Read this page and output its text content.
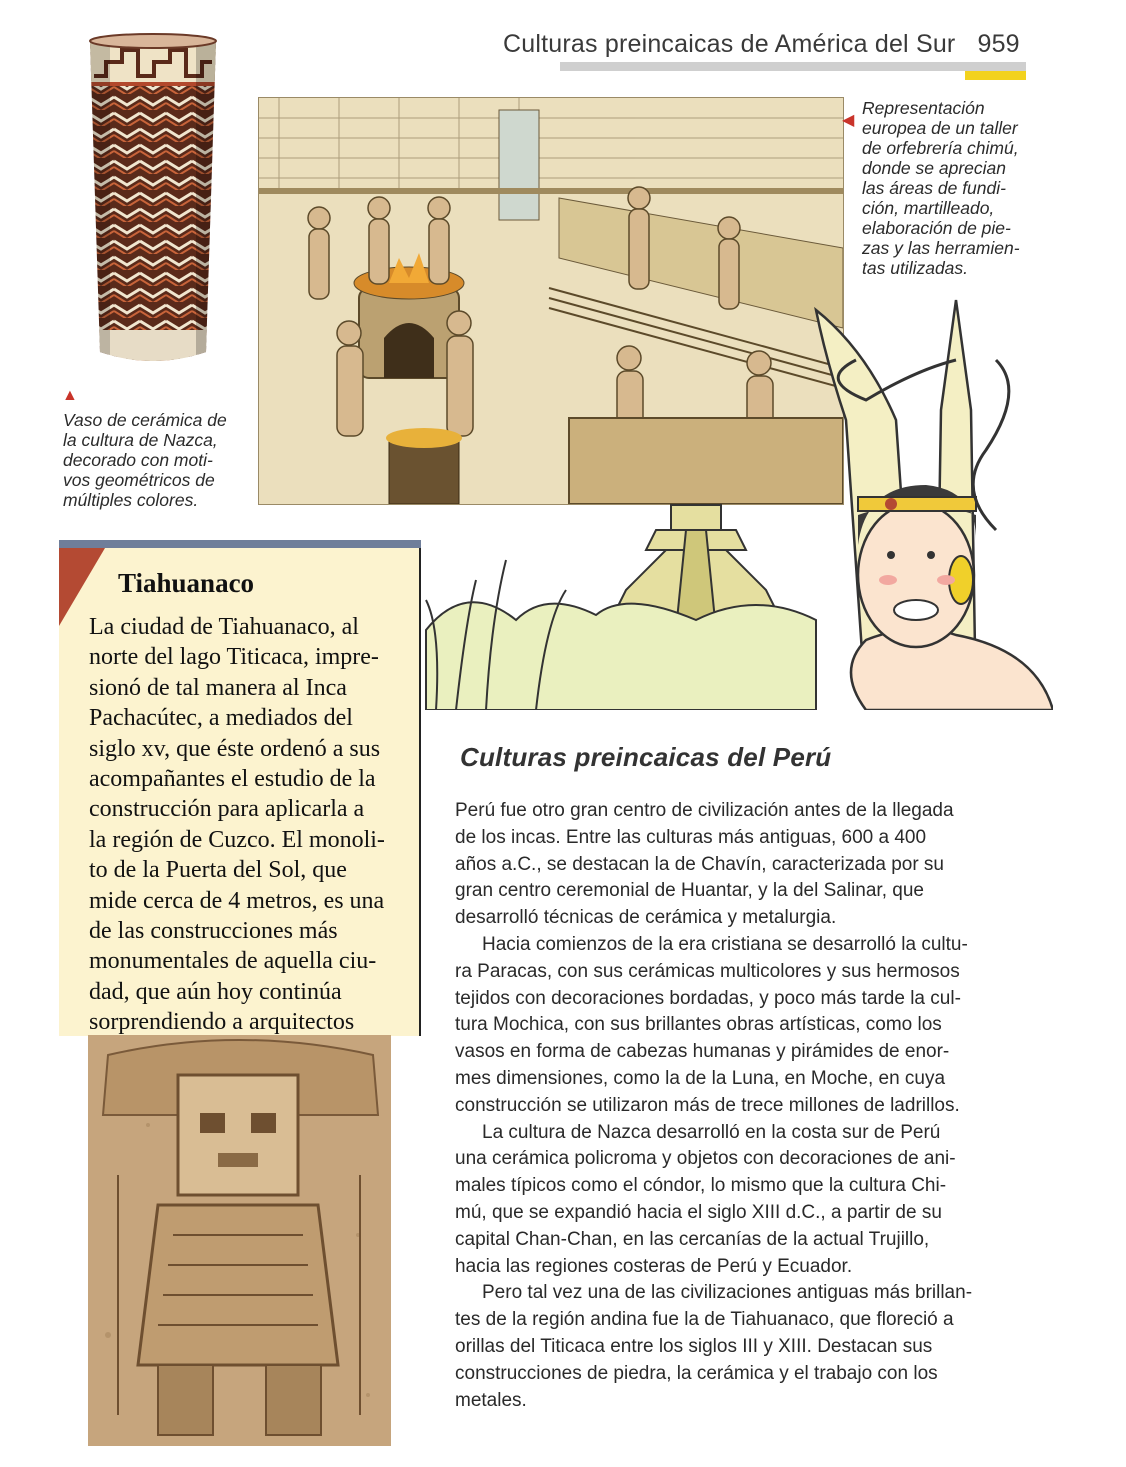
Culturas preincaicas de América del Sur 959
▲
Vaso de cerámica de
la cultura de Nazca,
decorado con moti-
vos geométricos de
múltiples colores.
◀
Representación
europea de un taller
de orfebrería chimú,
donde se aprecian
las áreas de fundi-
ción, martilleado,
elaboración de pie-
zas y las herramien-
tas utilizadas.
Tiahuanaco
La ciudad de Tiahuanaco, al
norte del lago Titicaca, impre-
sionó de tal manera al Inca
Pachacútec, a mediados del
siglo xv, que éste ordenó a sus
acompañantes el estudio de la
construcción para aplicarla a
la región de Cuzco. El monoli-
to de la Puerta del Sol, que
mide cerca de 4 metros, es una
de las construcciones más
monumentales de aquella ciu-
dad, que aún hoy continúa
sorprendiendo a arquitectos

Culturas preincaicas del Perú

Perú fue otro gran centro de civilización antes de la llegada
de los incas. Entre las culturas más antiguas, 600 a 400
años a.C., se destacan la de Chavín, caracterizada por su
gran centro ceremonial de Huantar, y la del Salinar, que
desarrolló técnicas de cerámica y metalurgia.

Hacia comienzos de la era cristiana se desarrolló la cultu-
ra Paracas, con sus cerámicas multicolores y sus hermosos
tejidos con decoraciones bordadas, y poco más tarde la cul-
tura Mochica, con sus brillantes obras artísticas, como los
vasos en forma de cabezas humanas y pirámides de enor-
mes dimensiones, como la de la Luna, en Moche, en cuya
construcción se utilizaron más de trece millones de ladrillos.

La cultura de Nazca desarrolló en la costa sur de Perú
una cerámica policroma y objetos con decoraciones de ani-
males típicos como el cóndor, lo mismo que la cultura Chi-
mú, que se expandió hacia el siglo XIII d.C., a partir de su
capital Chan-Chan, en las cercanías de la actual Trujillo,
hacia las regiones costeras de Perú y Ecuador.

Pero tal vez una de las civilizaciones antiguas más brillan-
tes de la región andina fue la de Tiahuanaco, que floreció a
orillas del Titicaca entre los siglos III y XIII. Destacan sus
construcciones de piedra, la cerámica y el trabajo con los
metales.
